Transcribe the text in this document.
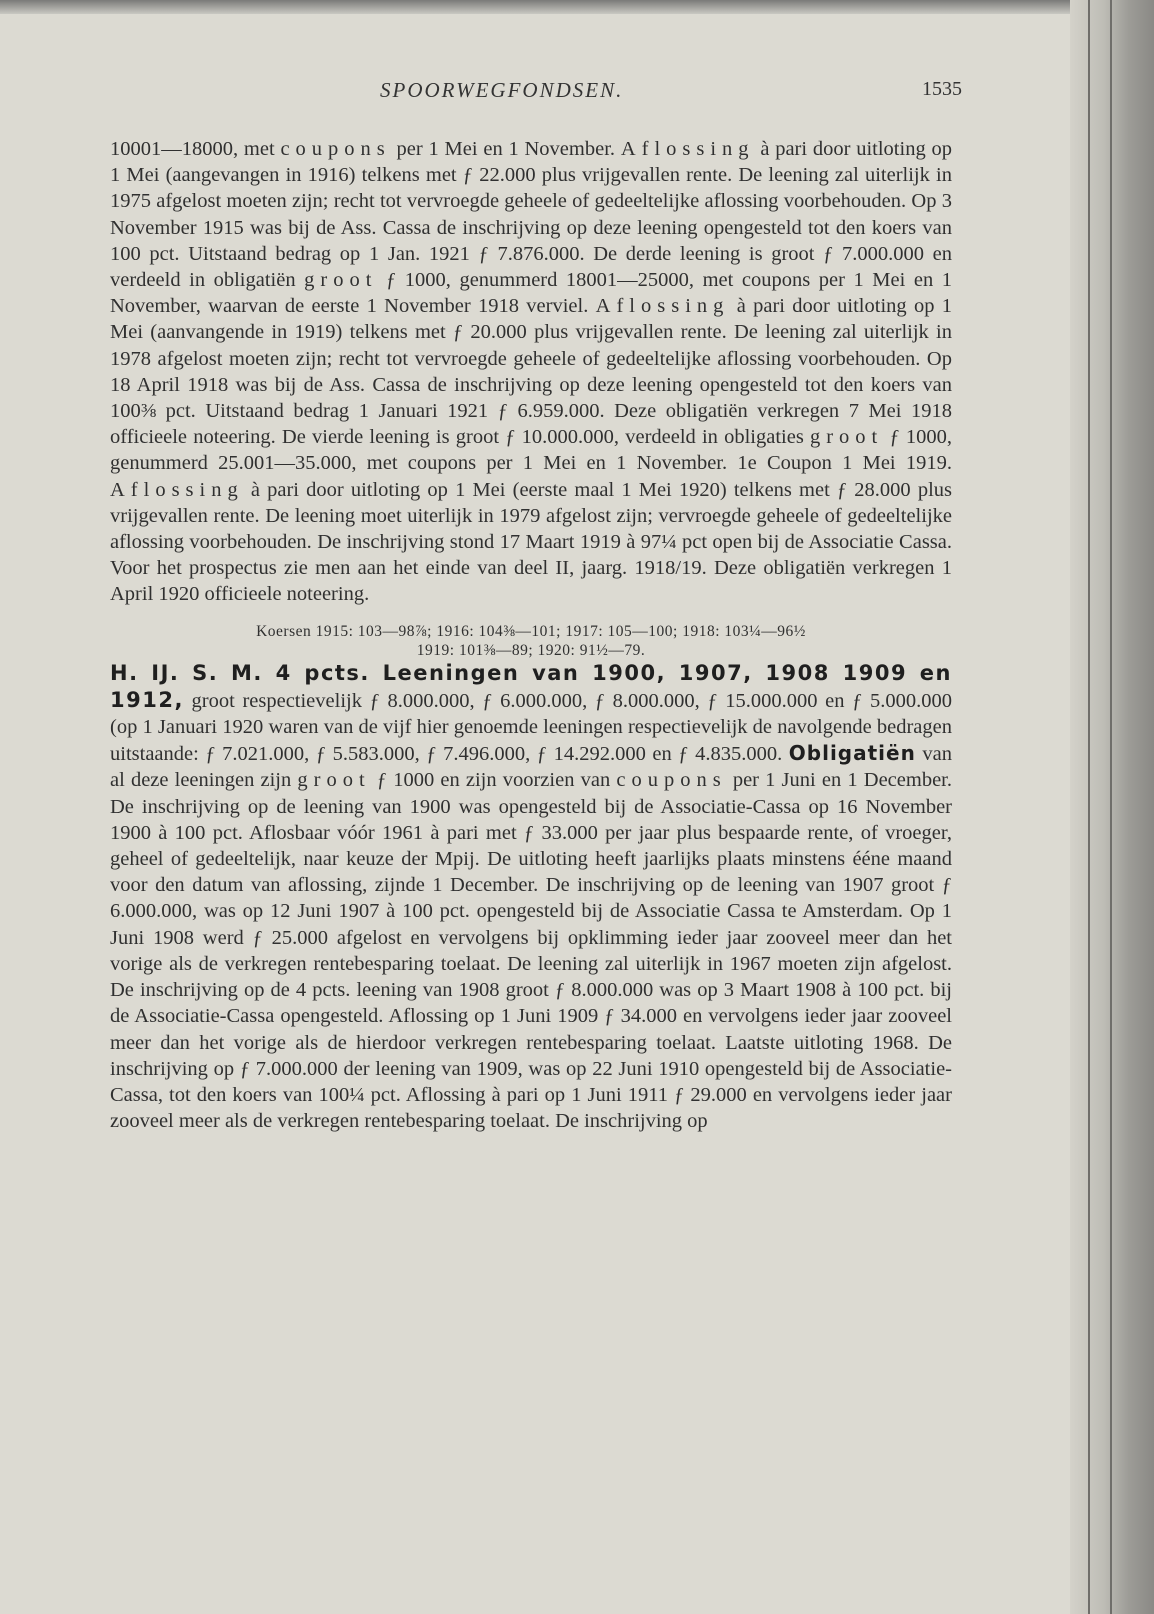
SPOORWEGFONDSEN.	1535

10001—18000, met coupons per 1 Mei en 1 November. Aflossing à pari door uitloting op 1 Mei (aangevangen in 1916) telkens met ƒ 22.000 plus vrijgevallen rente. De leening zal uiterlijk in 1975 afgelost moeten zijn; recht tot vervroegde geheele of gedeeltelijke aflossing voorbehouden. Op 3 November 1915 was bij de Ass. Cassa de inschrijving op deze leening opengesteld tot den koers van 100 pct. Uitstaand bedrag op 1 Jan. 1921 ƒ 7.876.000. De derde leening is groot ƒ 7.000.000 en verdeeld in obligatiën groot ƒ 1000, genummerd 18001—25000, met coupons per 1 Mei en 1 November, waarvan de eerste 1 November 1918 verviel. Aflossing à pari door uitloting op 1 Mei (aanvangende in 1919) telkens met ƒ 20.000 plus vrijgevallen rente. De leening zal uiterlijk in 1978 afgelost moeten zijn; recht tot vervroegde geheele of gedeeltelijke aflossing voorbehouden. Op 18 April 1918 was bij de Ass. Cassa de inschrijving op deze leening opengesteld tot den koers van 100⅜ pct. Uitstaand bedrag 1 Januari 1921 ƒ 6.959.000. Deze obligatiën verkregen 7 Mei 1918 officieele noteering. De vierde leening is groot ƒ 10.000.000, verdeeld in obligaties groot ƒ 1000, genummerd 25.001—35.000, met coupons per 1 Mei en 1 November. 1e Coupon 1 Mei 1919. Aflossing à pari door uitloting op 1 Mei (eerste maal 1 Mei 1920) telkens met ƒ 28.000 plus vrijgevallen rente. De leening moet uiterlijk in 1979 afgelost zijn; vervroegde geheele of gedeeltelijke aflossing voorbehouden. De inschrijving stond 17 Maart 1919 à 97¼ pct open bij de Associatie Cassa. Voor het prospectus zie men aan het einde van deel II, jaarg. 1918/19. Deze obligatiën verkregen 1 April 1920 officieele noteering.

Koersen 1915: 103—98⅞; 1916: 104⅜—101; 1917: 105—100; 1918: 103¼—96½
1919: 101⅜—89; 1920: 91½—79.

H. IJ. S. M. 4 pcts. Leeningen van 1900, 1907, 1908 1909 en 1912, groot respectievelijk ƒ 8.000.000, ƒ 6.000.000, ƒ 8.000.000, ƒ 15.000.000 en ƒ 5.000.000 (op 1 Januari 1920 waren van de vijf hier genoemde leeningen respectievelijk de navolgende bedragen uitstaande: ƒ 7.021.000, ƒ 5.583.000, ƒ 7.496.000, ƒ 14.292.000 en ƒ 4.835.000. Obligatiën van al deze leeningen zijn groot ƒ 1000 en zijn voorzien van coupons per 1 Juni en 1 December. De inschrijving op de leening van 1900 was opengesteld bij de Associatie-Cassa op 16 November 1900 à 100 pct. Aflosbaar vóór 1961 à pari met ƒ 33.000 per jaar plus bespaarde rente, of vroeger, geheel of gedeeltelijk, naar keuze der Mpij. De uitloting heeft jaarlijks plaats minstens ééne maand voor den datum van aflossing, zijnde 1 December. De inschrijving op de leening van 1907 groot ƒ 6.000.000, was op 12 Juni 1907 à 100 pct. opengesteld bij de Associatie Cassa te Amsterdam. Op 1 Juni 1908 werd ƒ 25.000 afgelost en vervolgens bij opklimming ieder jaar zooveel meer dan het vorige als de verkregen rentebesparing toelaat. De leening zal uiterlijk in 1967 moeten zijn afgelost. De inschrijving op de 4 pcts. leening van 1908 groot ƒ 8.000.000 was op 3 Maart 1908 à 100 pct. bij de Associatie-Cassa opengesteld. Aflossing op 1 Juni 1909 ƒ 34.000 en vervolgens ieder jaar zooveel meer dan het vorige als de hierdoor verkregen rentebesparing toelaat. Laatste uitloting 1968. De inschrijving op ƒ 7.000.000 der leening van 1909, was op 22 Juni 1910 opengesteld bij de Associatie-Cassa, tot den koers van 100¼ pct. Aflossing à pari op 1 Juni 1911 ƒ 29.000 en vervolgens ieder jaar zooveel meer als de verkregen rentebesparing toelaat. De inschrijving op
